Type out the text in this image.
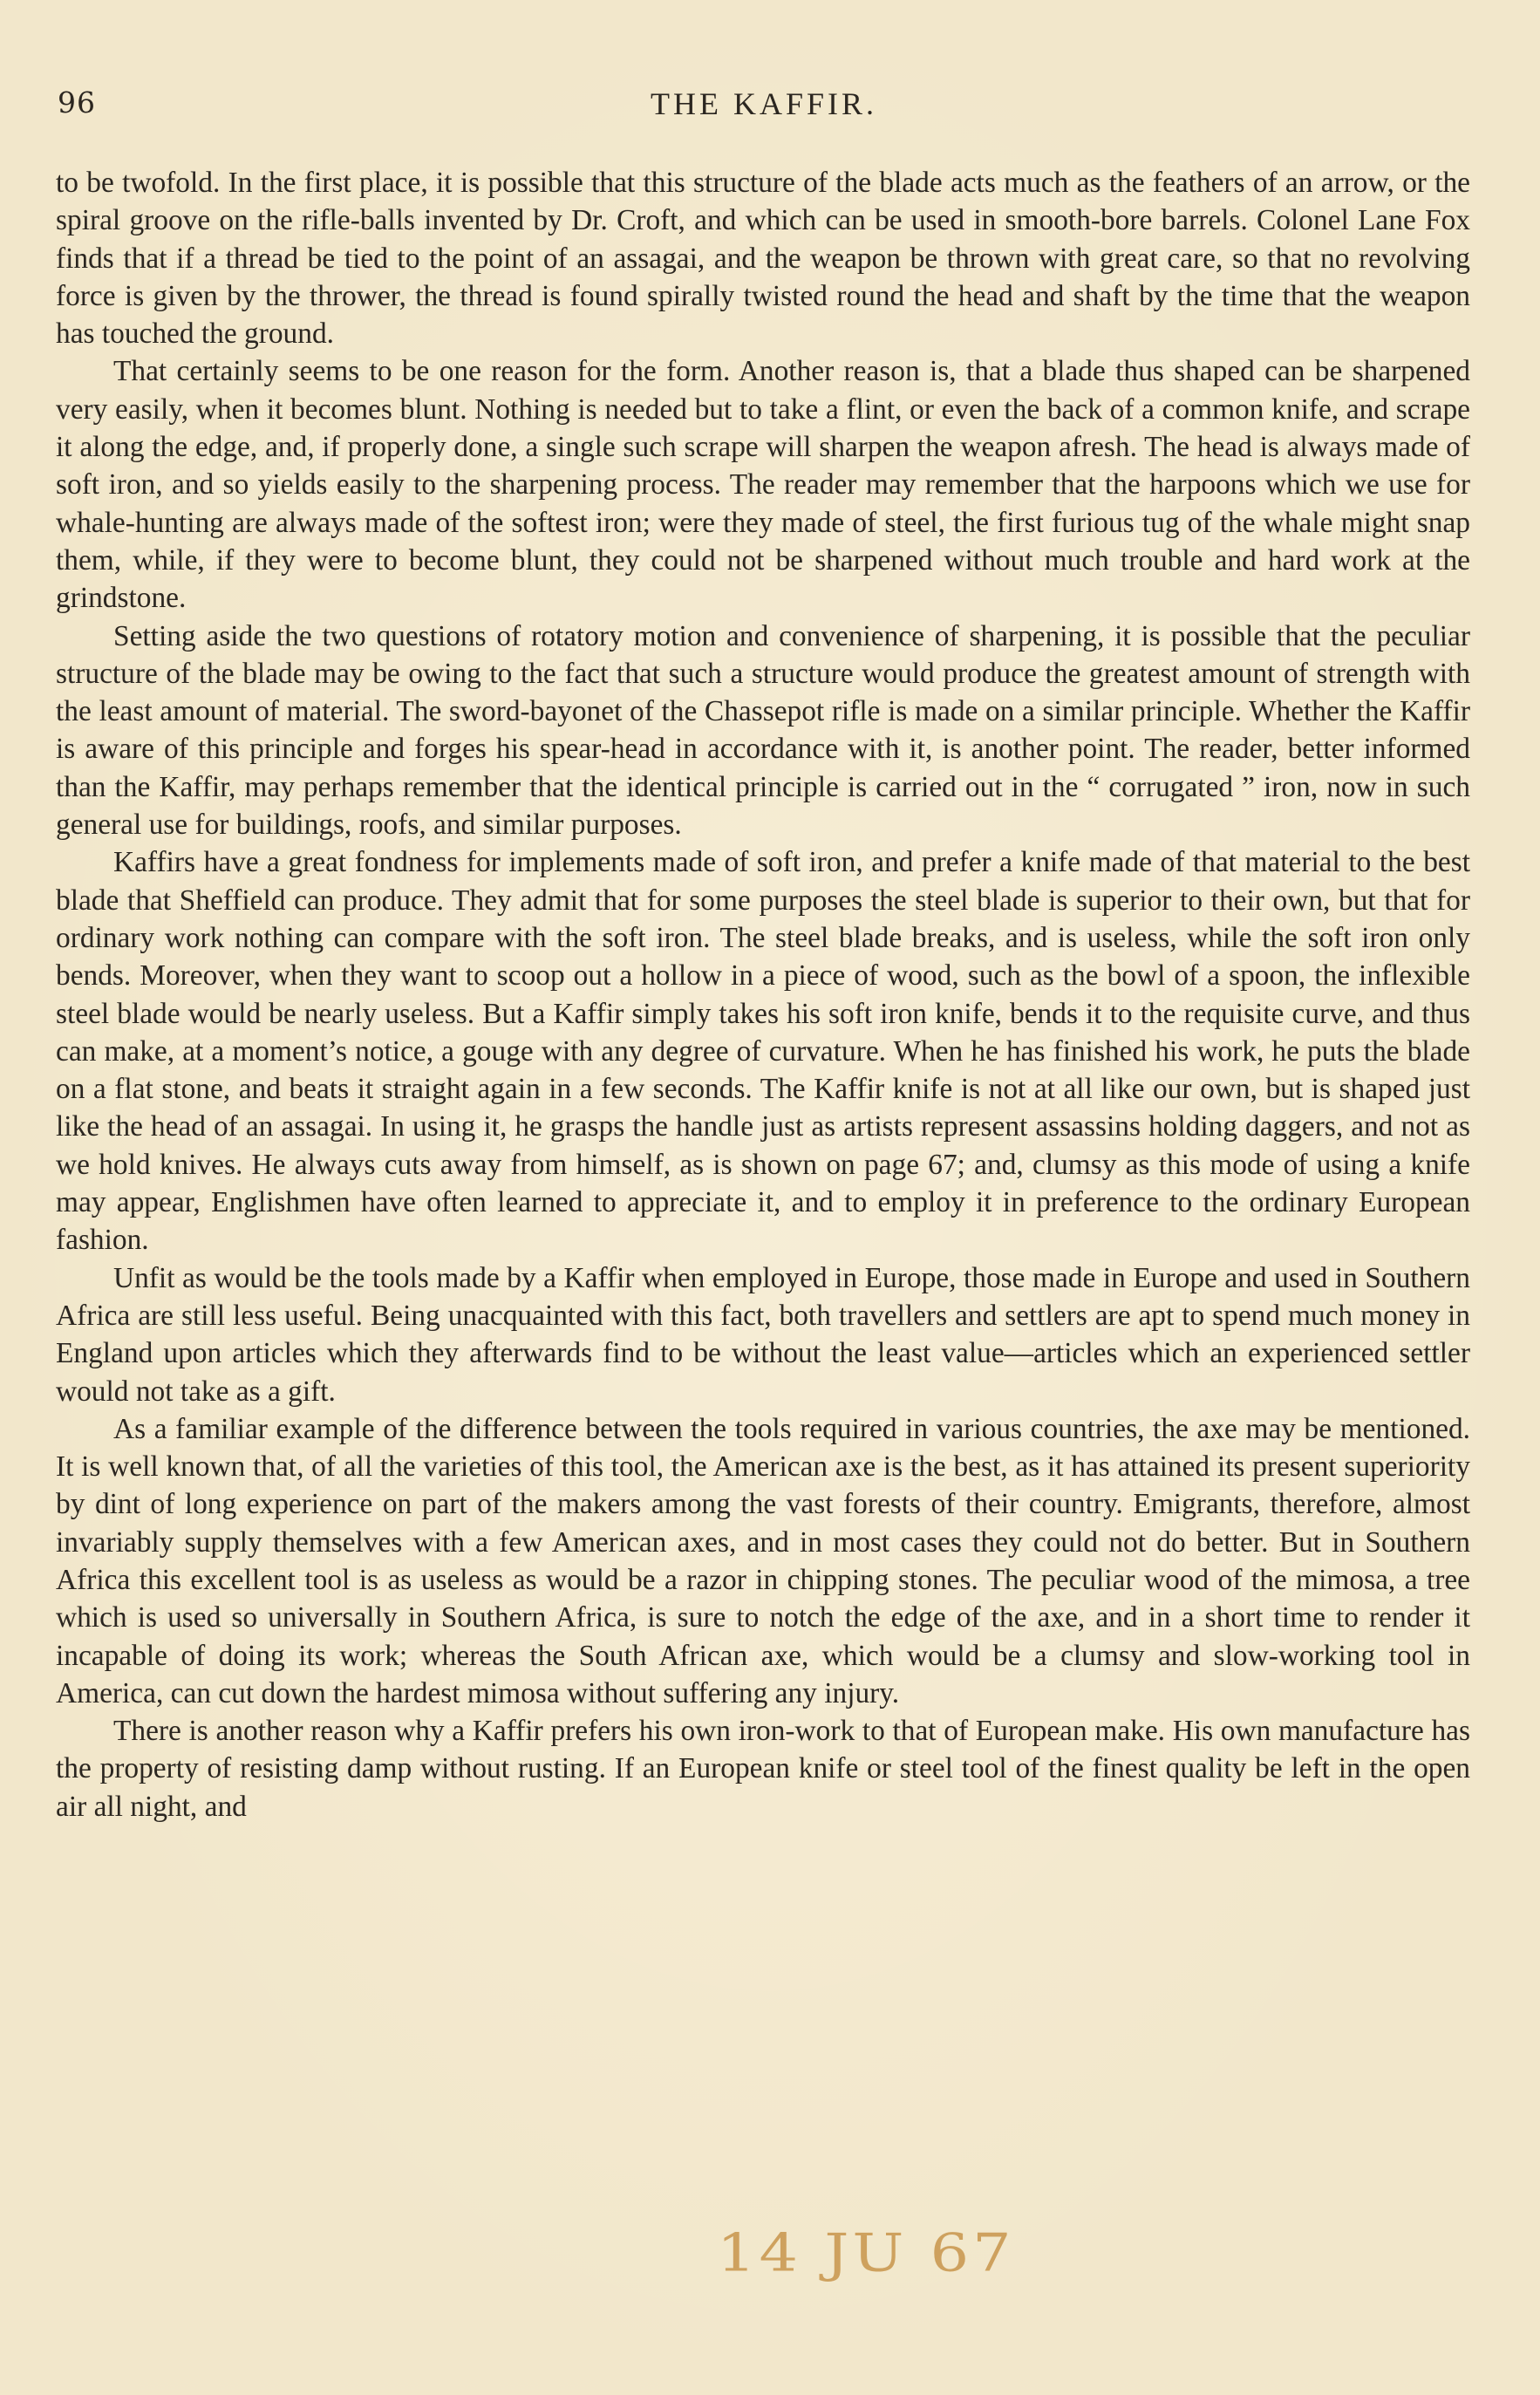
96	THE KAFFIR.

to be twofold. In the first place, it is possible that this structure of the blade acts much as the feathers of an arrow, or the spiral groove on the rifle-balls invented by Dr. Croft, and which can be used in smooth-bore barrels. Colonel Lane Fox finds that if a thread be tied to the point of an assagai, and the weapon be thrown with great care, so that no revolving force is given by the thrower, the thread is found spirally twisted round the head and shaft by the time that the weapon has touched the ground.

That certainly seems to be one reason for the form. Another reason is, that a blade thus shaped can be sharpened very easily, when it becomes blunt. Nothing is needed but to take a flint, or even the back of a common knife, and scrape it along the edge, and, if properly done, a single such scrape will sharpen the weapon afresh. The head is always made of soft iron, and so yields easily to the sharpening process. The reader may remember that the harpoons which we use for whale-hunting are always made of the softest iron; were they made of steel, the first furious tug of the whale might snap them, while, if they were to become blunt, they could not be sharpened without much trouble and hard work at the grindstone.

Setting aside the two questions of rotatory motion and convenience of sharpening, it is possible that the peculiar structure of the blade may be owing to the fact that such a structure would produce the greatest amount of strength with the least amount of material. The sword-bayonet of the Chassepot rifle is made on a similar principle. Whether the Kaffir is aware of this principle and forges his spear-head in accordance with it, is another point. The reader, better informed than the Kaffir, may perhaps remember that the identical principle is carried out in the “ corrugated ” iron, now in such general use for buildings, roofs, and similar purposes.

Kaffirs have a great fondness for implements made of soft iron, and prefer a knife made of that material to the best blade that Sheffield can produce. They admit that for some purposes the steel blade is superior to their own, but that for ordinary work nothing can compare with the soft iron. The steel blade breaks, and is useless, while the soft iron only bends. Moreover, when they want to scoop out a hollow in a piece of wood, such as the bowl of a spoon, the inflexible steel blade would be nearly useless. But a Kaffir simply takes his soft iron knife, bends it to the requisite curve, and thus can make, at a moment’s notice, a gouge with any degree of curvature. When he has finished his work, he puts the blade on a flat stone, and beats it straight again in a few seconds. The Kaffir knife is not at all like our own, but is shaped just like the head of an assagai. In using it, he grasps the handle just as artists represent assassins holding daggers, and not as we hold knives. He always cuts away from himself, as is shown on page 67; and, clumsy as this mode of using a knife may appear, Englishmen have often learned to appreciate it, and to employ it in preference to the ordinary European fashion.

Unfit as would be the tools made by a Kaffir when employed in Europe, those made in Europe and used in Southern Africa are still less useful. Being unacquainted with this fact, both travellers and settlers are apt to spend much money in England upon articles which they afterwards find to be without the least value—articles which an experienced settler would not take as a gift.

As a familiar example of the difference between the tools required in various countries, the axe may be mentioned. It is well known that, of all the varieties of this tool, the American axe is the best, as it has attained its present superiority by dint of long experience on part of the makers among the vast forests of their country. Emigrants, therefore, almost invariably supply themselves with a few American axes, and in most cases they could not do better. But in Southern Africa this excellent tool is as useless as would be a razor in chipping stones. The peculiar wood of the mimosa, a tree which is used so universally in Southern Africa, is sure to notch the edge of the axe, and in a short time to render it incapable of doing its work; whereas the South African axe, which would be a clumsy and slow-working tool in America, can cut down the hardest mimosa without suffering any injury.

There is another reason why a Kaffir prefers his own iron-work to that of European make. His own manufacture has the property of resisting damp without rusting. If an European knife or steel tool of the finest quality be left in the open air all night, and

14 JU 67
